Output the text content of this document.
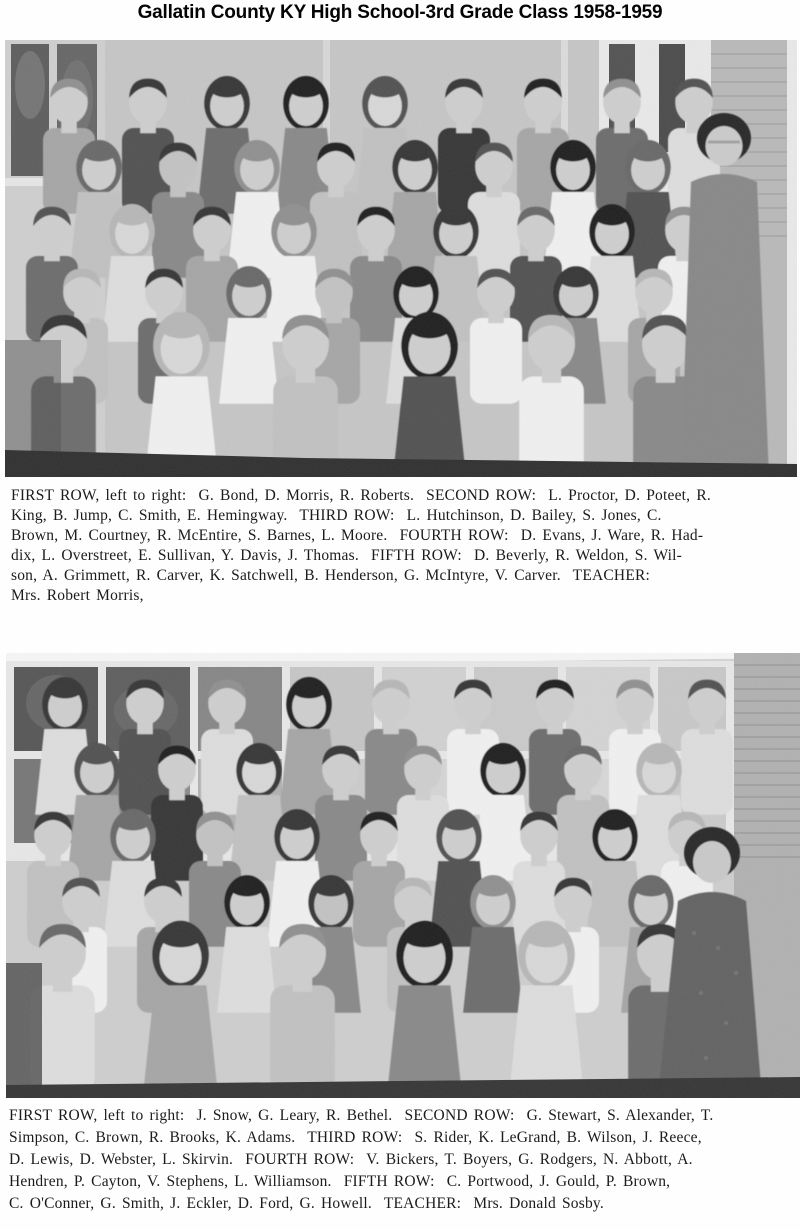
Gallatin County KY High School-3rd Grade Class 1958-1959
FIRST ROW, left to right:  G. Bond, D. Morris, R. Roberts.  SECOND ROW:  L. Proctor, D. Poteet, R.
King, B. Jump, C. Smith, E. Hemingway.  THIRD ROW:  L. Hutchinson, D. Bailey, S. Jones, C.
Brown, M. Courtney, R. McEntire, S. Barnes, L. Moore.  FOURTH ROW:  D. Evans, J. Ware, R. Had-
dix, L. Overstreet, E. Sullivan, Y. Davis, J. Thomas.  FIFTH ROW:  D. Beverly, R. Weldon, S. Wil-
son, A. Grimmett, R. Carver, K. Satchwell, B. Henderson, G. McIntyre, V. Carver.  TEACHER:
Mrs. Robert Morris,
FIRST ROW, left to right:  J. Snow, G. Leary, R. Bethel.  SECOND ROW:  G. Stewart, S. Alexander, T.
Simpson, C. Brown, R. Brooks, K. Adams.  THIRD ROW:  S. Rider, K. LeGrand, B. Wilson, J. Reece,
D. Lewis, D. Webster, L. Skirvin.  FOURTH ROW:  V. Bickers, T. Boyers, G. Rodgers, N. Abbott, A.
Hendren, P. Cayton, V. Stephens, L. Williamson.  FIFTH ROW:  C. Portwood, J. Gould, P. Brown,
C. O'Conner, G. Smith, J. Eckler, D. Ford, G. Howell.  TEACHER:  Mrs. Donald Sosby.
